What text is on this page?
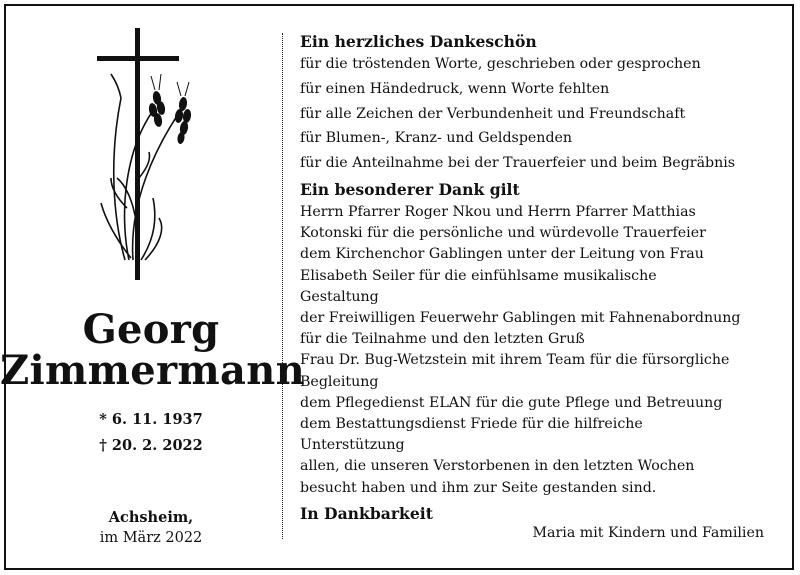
Georg
Zimmermann
* 6. 11. 1937
† 20. 2. 2022
Achsheim,
im März 2022
Ein herzliches Dankeschön

für die tröstenden Worte, geschrieben oder gesprochen

für einen Händedruck, wenn Worte fehlten

für alle Zeichen der Verbundenheit und Freundschaft

für Blumen-, Kranz- und Geldspenden

für die Anteilnahme bei der Trauerfeier und beim Begräbnis

Ein besonderer Dank gilt

Herrn Pfarrer Roger Nkou und Herrn Pfarrer Matthias

Kotonski für die persönliche und würdevolle Trauerfeier

dem Kirchenchor Gablingen unter der Leitung von Frau

Elisabeth Seiler für die einfühlsame musikalische

Gestaltung

der Freiwilligen Feuerwehr Gablingen mit Fahnenabordnung

für die Teilnahme und den letzten Gruß

Frau Dr. Bug-Wetzstein mit ihrem Team für die fürsorgliche

Begleitung

dem Pflegedienst ELAN für die gute Pflege und Betreuung

dem Bestattungsdienst Friede für die hilfreiche

Unterstützung

allen, die unseren Verstorbenen in den letzten Wochen

besucht haben und ihm zur Seite gestanden sind.

In Dankbarkeit
Maria mit Kindern und Familien
